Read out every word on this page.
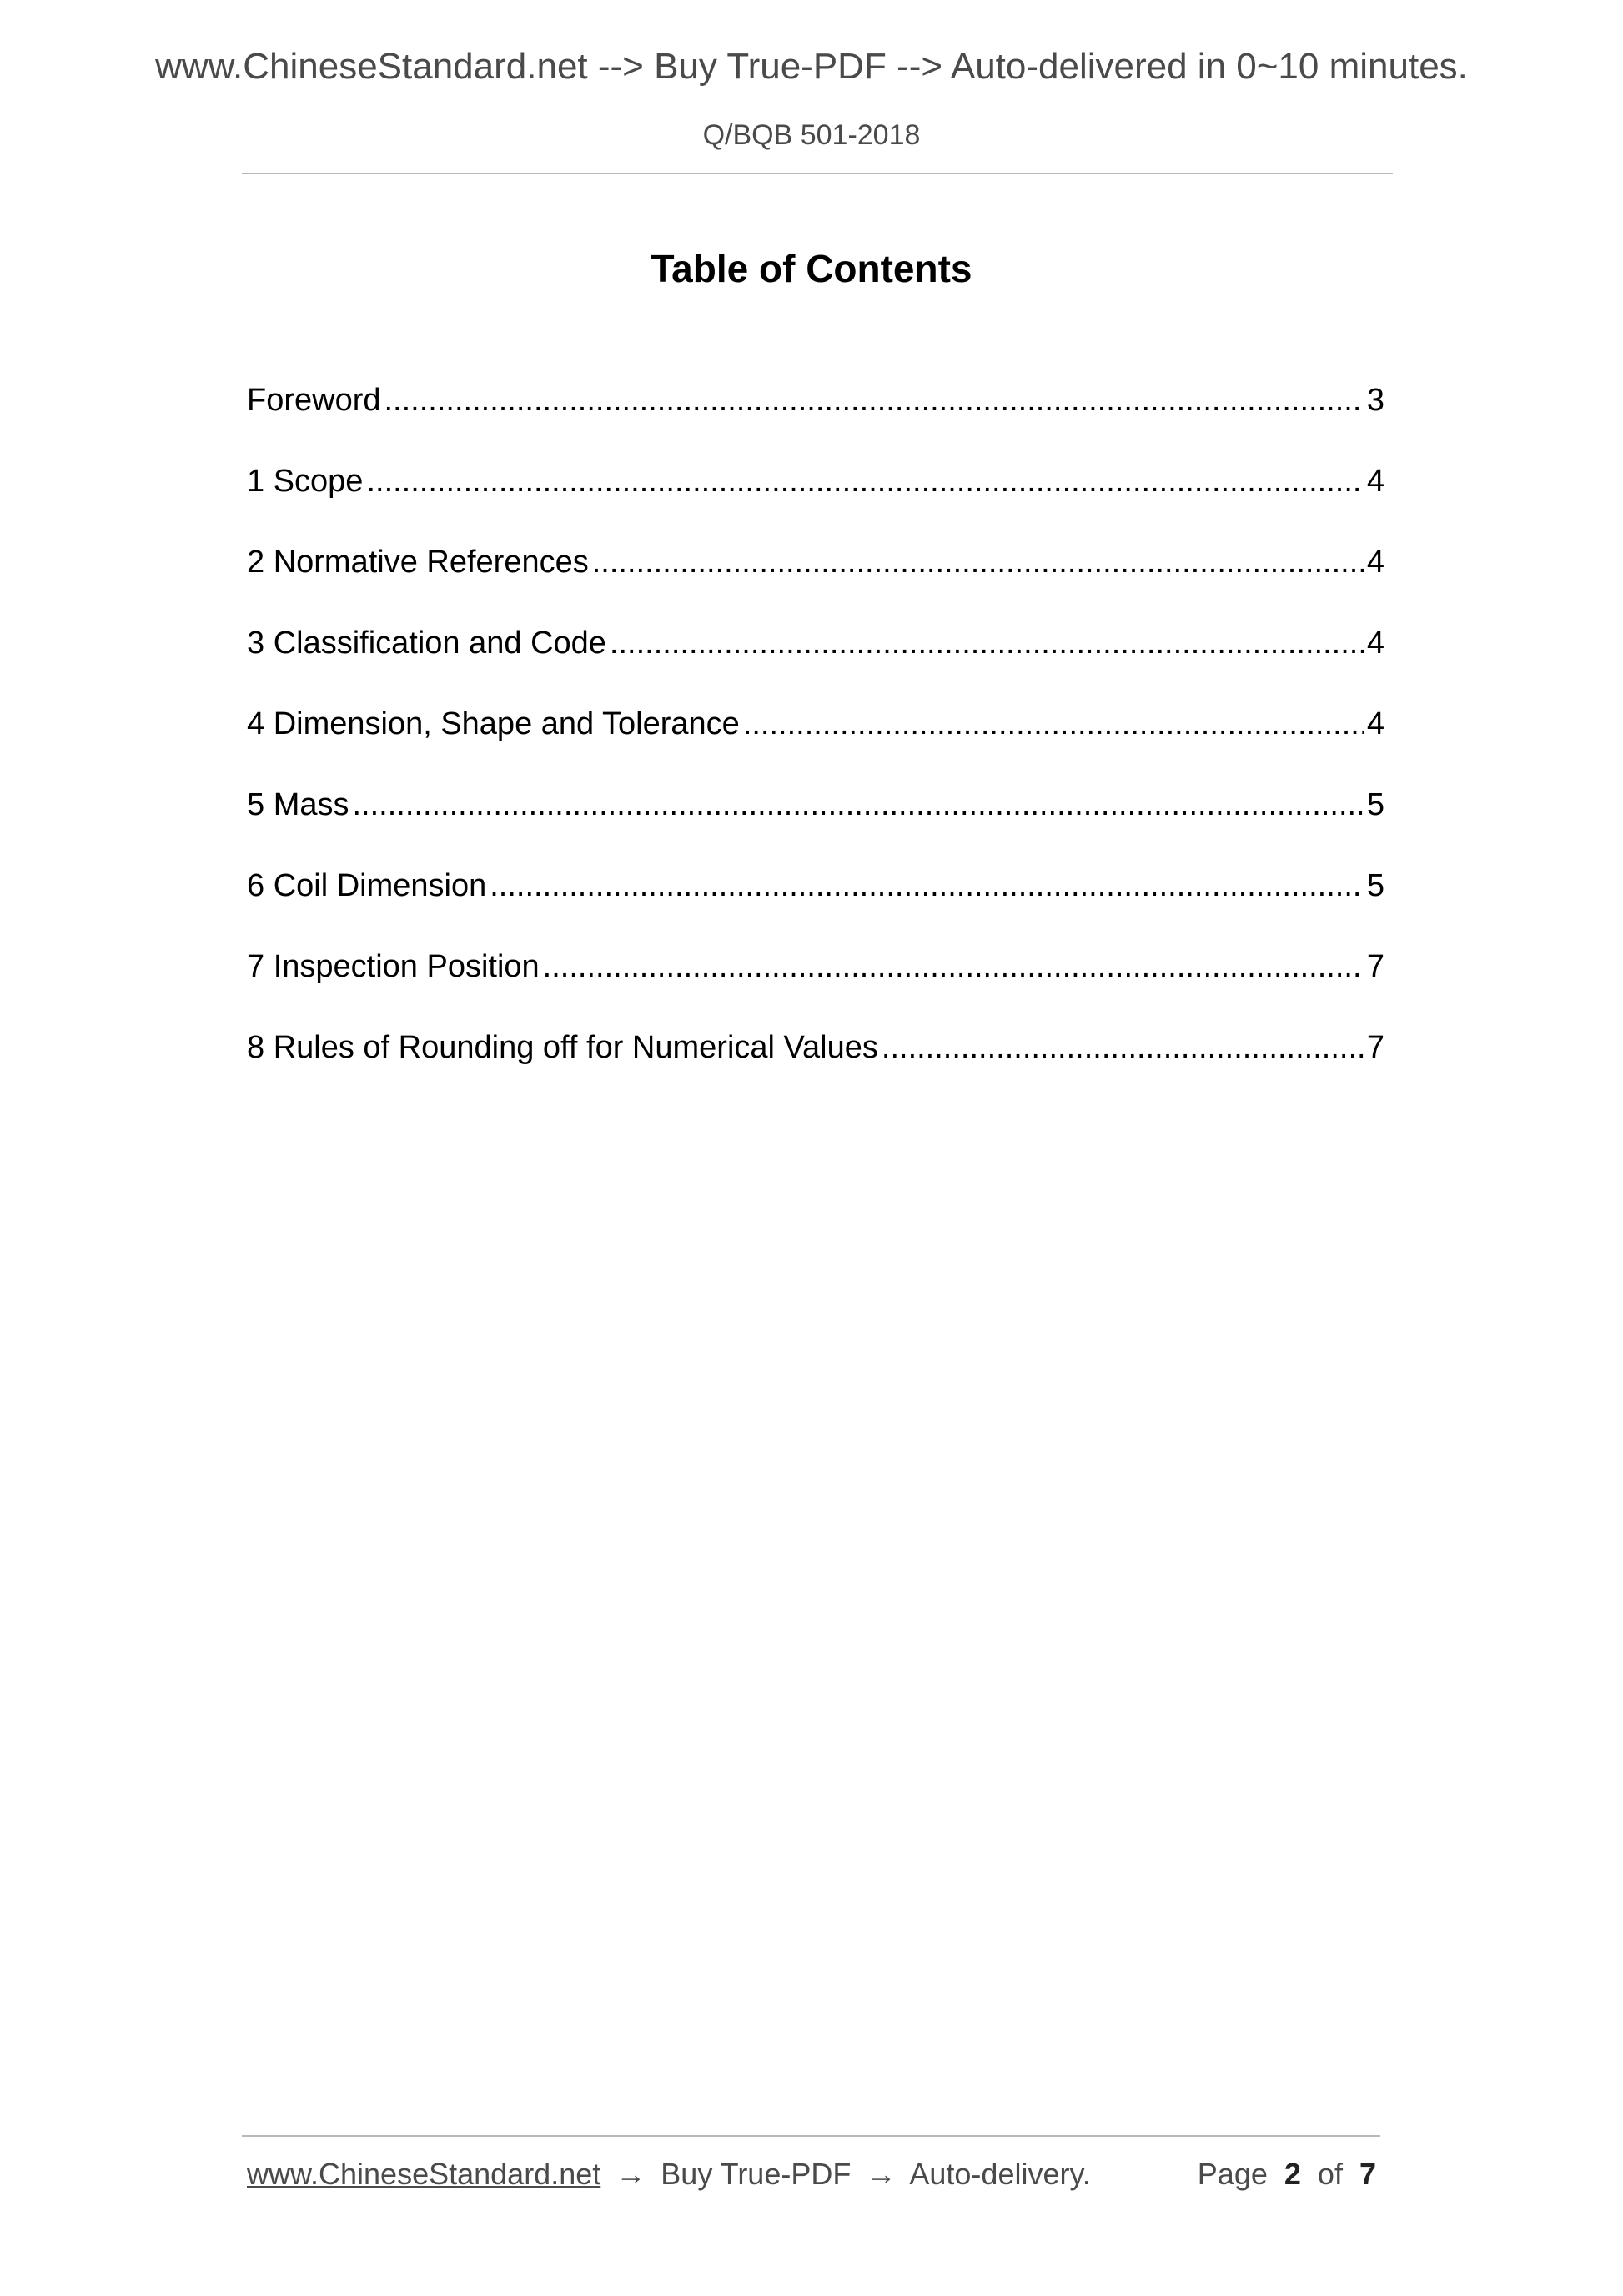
www.ChineseStandard.net --> Buy True-PDF --> Auto-delivered in 0~10 minutes.
Q/BQB 501-2018
Table of Contents
Foreword .....	3
1 Scope .....	4
2 Normative References .....	4
3 Classification and Code .....	4
4 Dimension, Shape and Tolerance .....	4
5 Mass .....	5
6 Coil Dimension .....	5
7 Inspection Position .....	7
8 Rules of Rounding off for Numerical Values .....	7
www.ChineseStandard.net → Buy True-PDF → Auto-delivery.	Page 2 of 7
